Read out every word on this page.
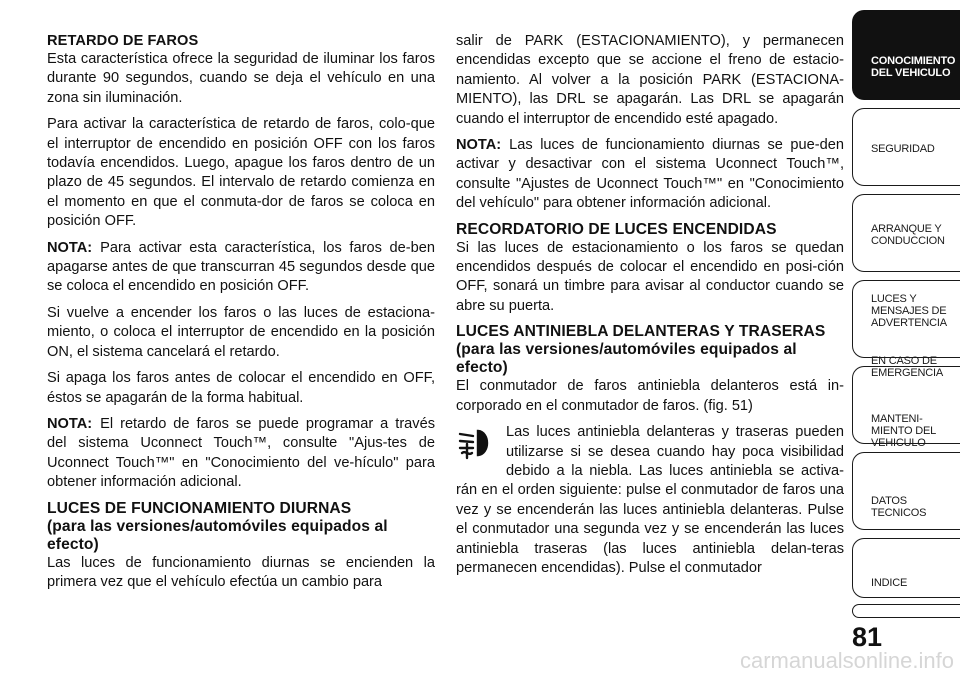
RETARDO DE FAROS

Esta característica ofrece la seguridad de iluminar los faros durante 90 segundos, cuando se deja el vehículo en una zona sin iluminación.

Para activar la característica de retardo de faros, colo-que el interruptor de encendido en posición OFF con los faros todavía encendidos. Luego, apague los faros dentro de un plazo de 45 segundos. El intervalo de retardo comienza en el momento en que el conmuta-dor de faros se coloca en posición OFF.

NOTA: Para activar esta característica, los faros de-ben apagarse antes de que transcurran 45 segundos desde que se coloca el encendido en posición OFF.

Si vuelve a encender los faros o las luces de estaciona-miento, o coloca el interruptor de encendido en la posición ON, el sistema cancelará el retardo.

Si apaga los faros antes de colocar el encendido en OFF, éstos se apagarán de la forma habitual.

NOTA: El retardo de faros se puede programar a través del sistema Uconnect Touch™, consulte "Ajus-tes de Uconnect Touch™" en "Conocimiento del ve-hículo" para obtener información adicional.

LUCES DE FUNCIONAMIENTO DIURNAS
(para las versiones/automóviles equipados al efecto)

Las luces de funcionamiento diurnas se encienden la primera vez que el vehículo efectúa un cambio para

salir de PARK (ESTACIONAMIENTO), y permanecen encendidas excepto que se accione el freno de estacio-namiento. Al volver a la posición PARK (ESTACIONA-MIENTO), las DRL se apagarán. Las DRL se apagarán cuando el interruptor de encendido esté apagado.

NOTA: Las luces de funcionamiento diurnas se pue-den activar y desactivar con el sistema Uconnect Touch™, consulte "Ajustes de Uconnect Touch™" en "Conocimiento del vehículo" para obtener información adicional.

RECORDATORIO DE LUCES ENCENDIDAS

Si las luces de estacionamiento o los faros se quedan encendidos después de colocar el encendido en posi-ción OFF, sonará un timbre para avisar al conductor cuando se abre su puerta.

LUCES ANTINIEBLA DELANTERAS Y TRASERAS
(para las versiones/automóviles equipados al efecto)

El conmutador de faros antiniebla delanteros está in-corporado en el conmutador de faros. (fig. 51)

Las luces antiniebla delanteras y traseras pueden utilizarse si se desea cuando hay poca visibilidad debido a la niebla. Las luces antiniebla se activa-rán en el orden siguiente: pulse el conmutador de faros una vez y se encenderán las luces antiniebla delanteras. Pulse el conmutador una segunda vez y se encenderán las luces antiniebla traseras (las luces antiniebla delan-teras permanecen encendidas). Pulse el conmutador

CONOCIMIENTO
DEL VEHICULO
SEGURIDAD
ARRANQUE Y
CONDUCCION
LUCES Y
MENSAJES DE
ADVERTENCIA
EN CASO DE
EMERGENCIA
MANTENI-
MIENTO DEL
VEHICULO
DATOS
TECNICOS
INDICE
81
carmanualsonline.info
